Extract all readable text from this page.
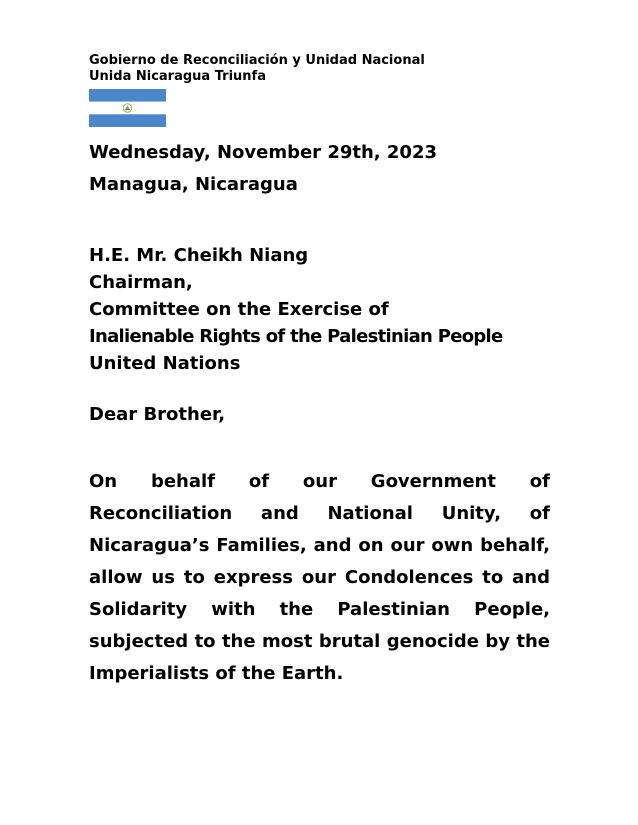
Gobierno de Reconciliación y Unidad Nacional
Unida Nicaragua Triunfa
Wednesday, November 29th, 2023
Managua, Nicaragua
H.E. Mr. Cheikh Niang
Chairman,
Committee on the Exercise of
Inalienable Rights of the Palestinian People
United Nations
Dear Brother,
On behalf of our Government of Reconciliation and National Unity, of Nicaragua’s Families, and on our own behalf, allow us to express our Condolences to and Solidarity with the Palestinian People, subjected to the most brutal genocide by the Imperialists of the Earth.
